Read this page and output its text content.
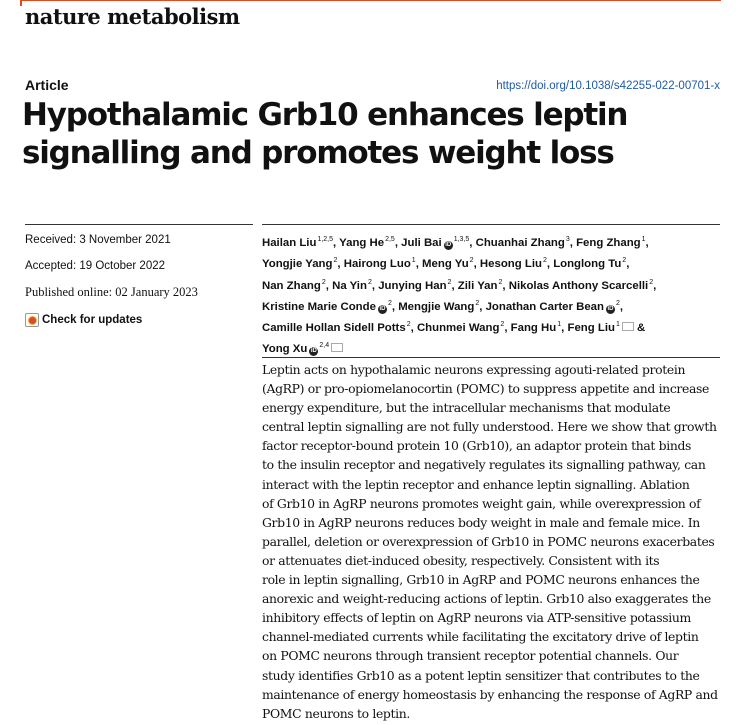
nature metabolism
Article	https://doi.org/10.1038/s42255-022-00701-x
Hypothalamic Grb10 enhances leptin
signalling and promotes weight loss
Received: 3 November 2021
Accepted: 19 October 2022
Published online: 02 January 2023
Check for updates
Hailan Liu$^{1,2,5}$, Yang He$^{2,5}$, Juli Bai iD$^{1,3,5}$, Chuanhai Zhang$^3$, Feng Zhang$^1$,
Yongjie Yang$^2$, Hairong Luo$^1$, Meng Yu$^2$, Hesong Liu$^2$, Longlong Tu$^2$,
Nan Zhang$^2$, Na Yin$^2$, Junying Han$^2$, Zili Yan$^2$, Nikolas Anthony Scarcelli$^2$,
Kristine Marie Conde $iD^2$, Mengjie Wang$^2$, Jonathan Carter Bean $iD^2$,
Camille Hollan Sidell Potts$^2$, Chunmei Wang$^2$, Fang Hu$^1$, Feng Liu$^1$ &
Yong Xu iD$^{2,4}$

Leptin acts on hypothalamic neurons expressing agouti-related protein
(AgRP) or pro-opiomelanocortin (POMC) to suppress appetite and increase
energy expenditure, but the intracellular mechanisms that modulate
central leptin signalling are not fully understood. Here we show that growth
factor receptor-bound protein 10 (Grb10), an adaptor protein that binds
to the insulin receptor and negatively regulates its signalling pathway, can
interact with the leptin receptor and enhance leptin signalling. Ablation
of Grb10 in AgRP neurons promotes weight gain, while overexpression of
Grb10 in AgRP neurons reduces body weight in male and female mice. In
parallel, deletion or overexpression of Grb10 in POMC neurons exacerbates
or attenuates diet-induced obesity, respectively. Consistent with its
role in leptin signalling, Grb10 in AgRP and POMC neurons enhances the
anorexic and weight-reducing actions of leptin. Grb10 also exaggerates the
inhibitory effects of leptin on AgRP neurons via ATP-sensitive potassium
channel-mediated currents while facilitating the excitatory drive of leptin
on POMC neurons through transient receptor potential channels. Our
study identifies Grb10 as a potent leptin sensitizer that contributes to the
maintenance of energy homeostasis by enhancing the response of AgRP and
POMC neurons to leptin.
